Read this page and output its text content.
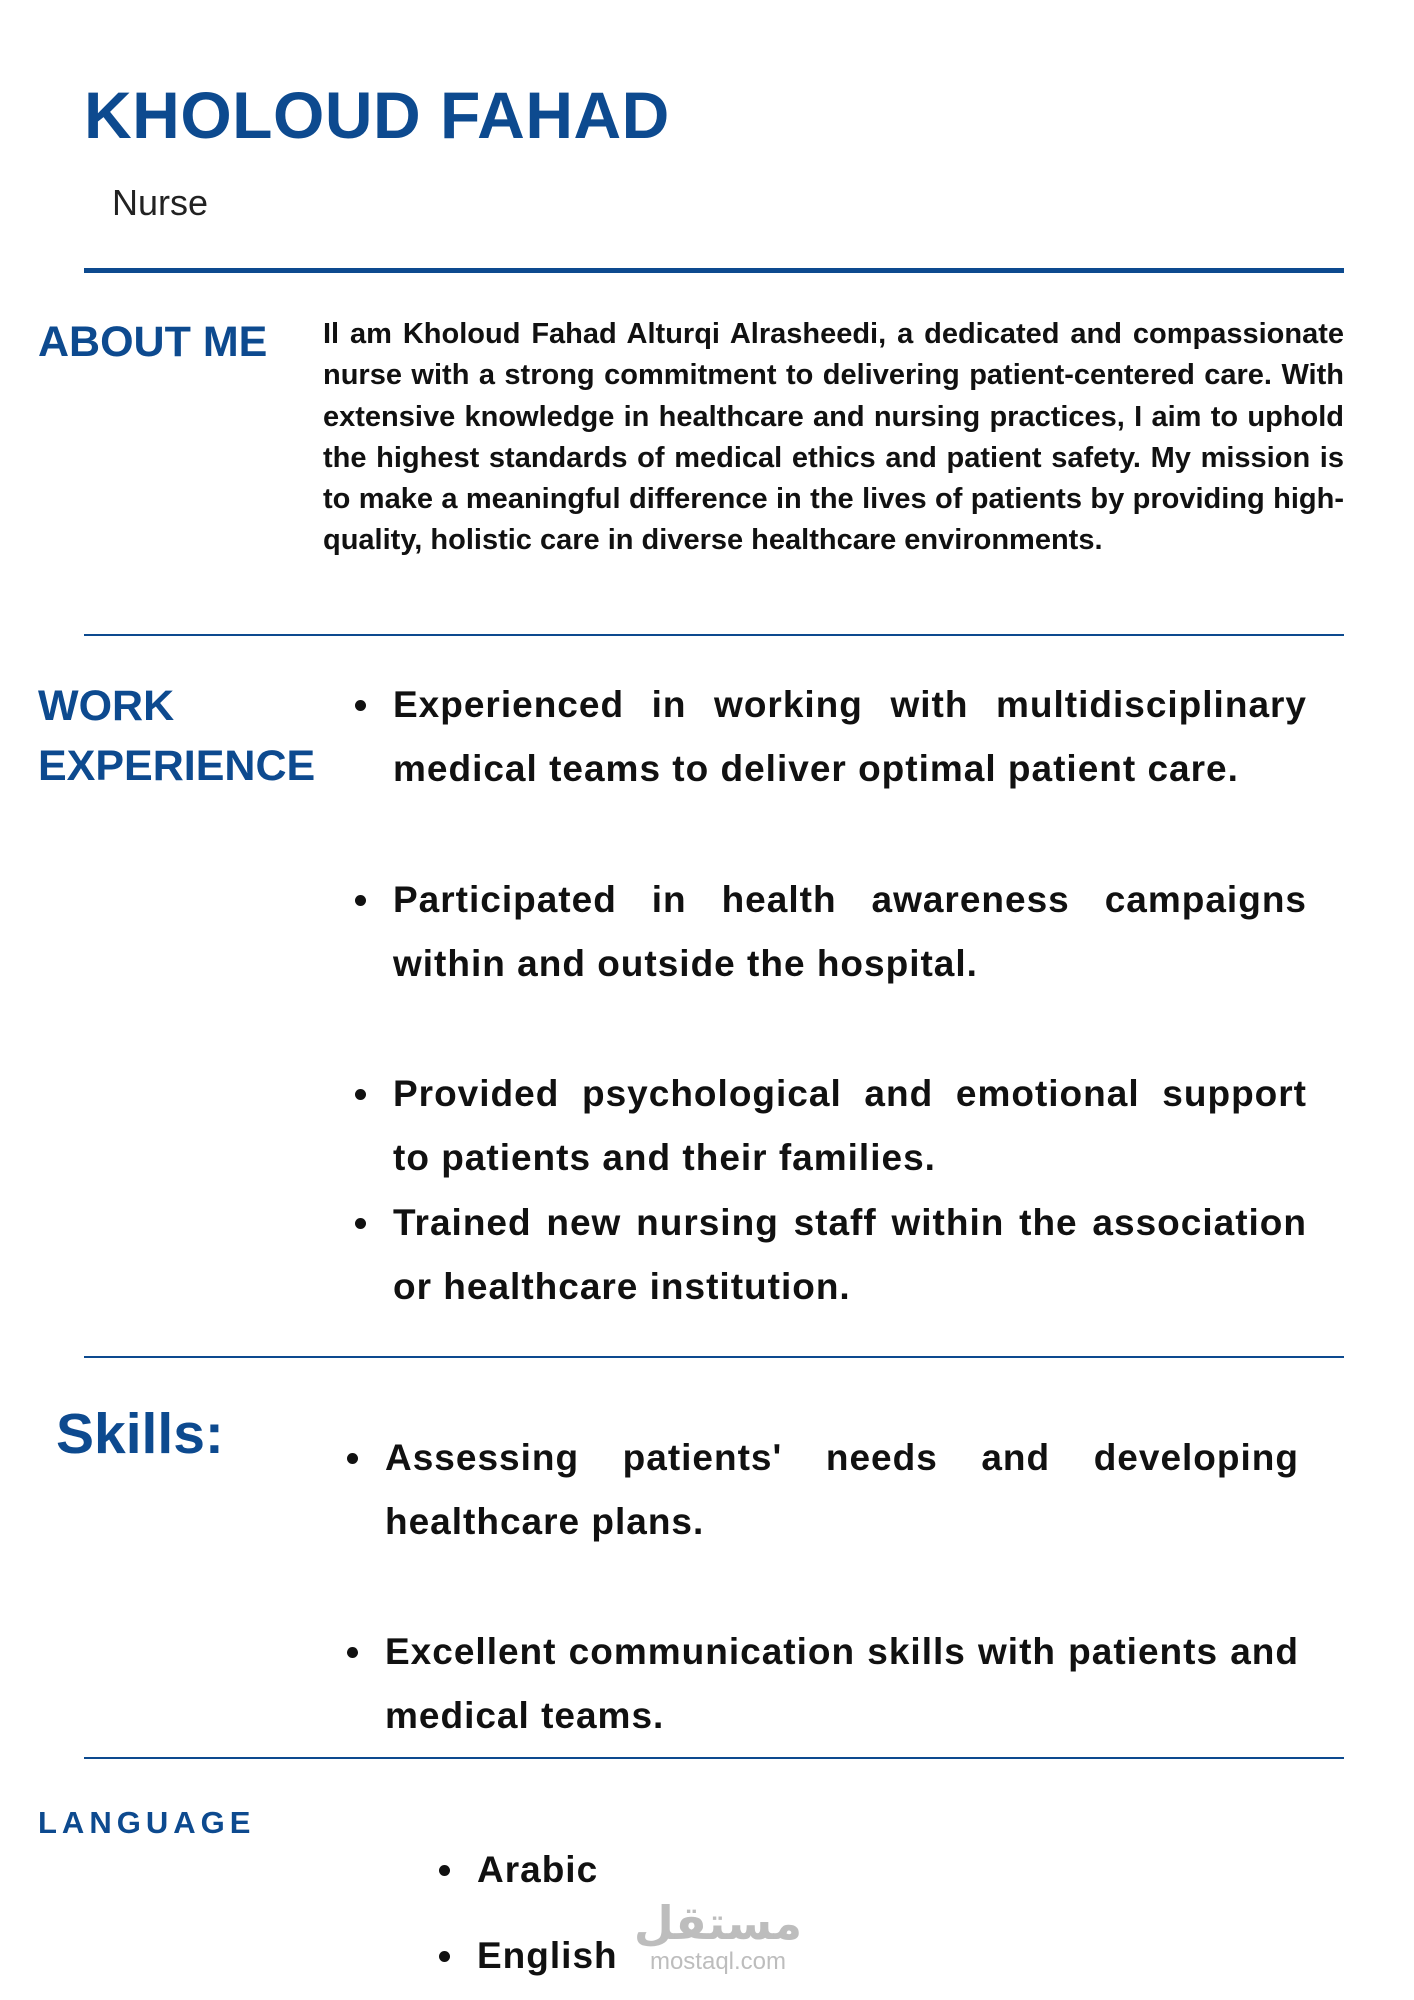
KHOLOUD FAHAD
Nurse
ABOUT ME	Il am Kholoud Fahad Alturqi Alrasheedi, a dedicated and compassionate nurse with a strong commitment to delivering patient-centered care. With extensive knowledge in healthcare and nursing practices, I aim to uphold the highest standards of medical ethics and patient safety. My mission is to make a meaningful difference in the lives of patients by providing high-quality, holistic care in diverse healthcare environments.

WORK EXPERIENCE
Experienced in working with multidisciplinary medical teams to deliver optimal patient care.
Participated in health awareness campaigns within and outside the hospital.
Provided psychological and emotional support to patients and their families.
Trained new nursing staff within the association or healthcare institution.
Skills:	Assessing patients' needs and developing healthcare plans.
Excellent communication skills with patients and medical teams.
LANGUAGE
Arabic
English
مستقل
mostaql.com
